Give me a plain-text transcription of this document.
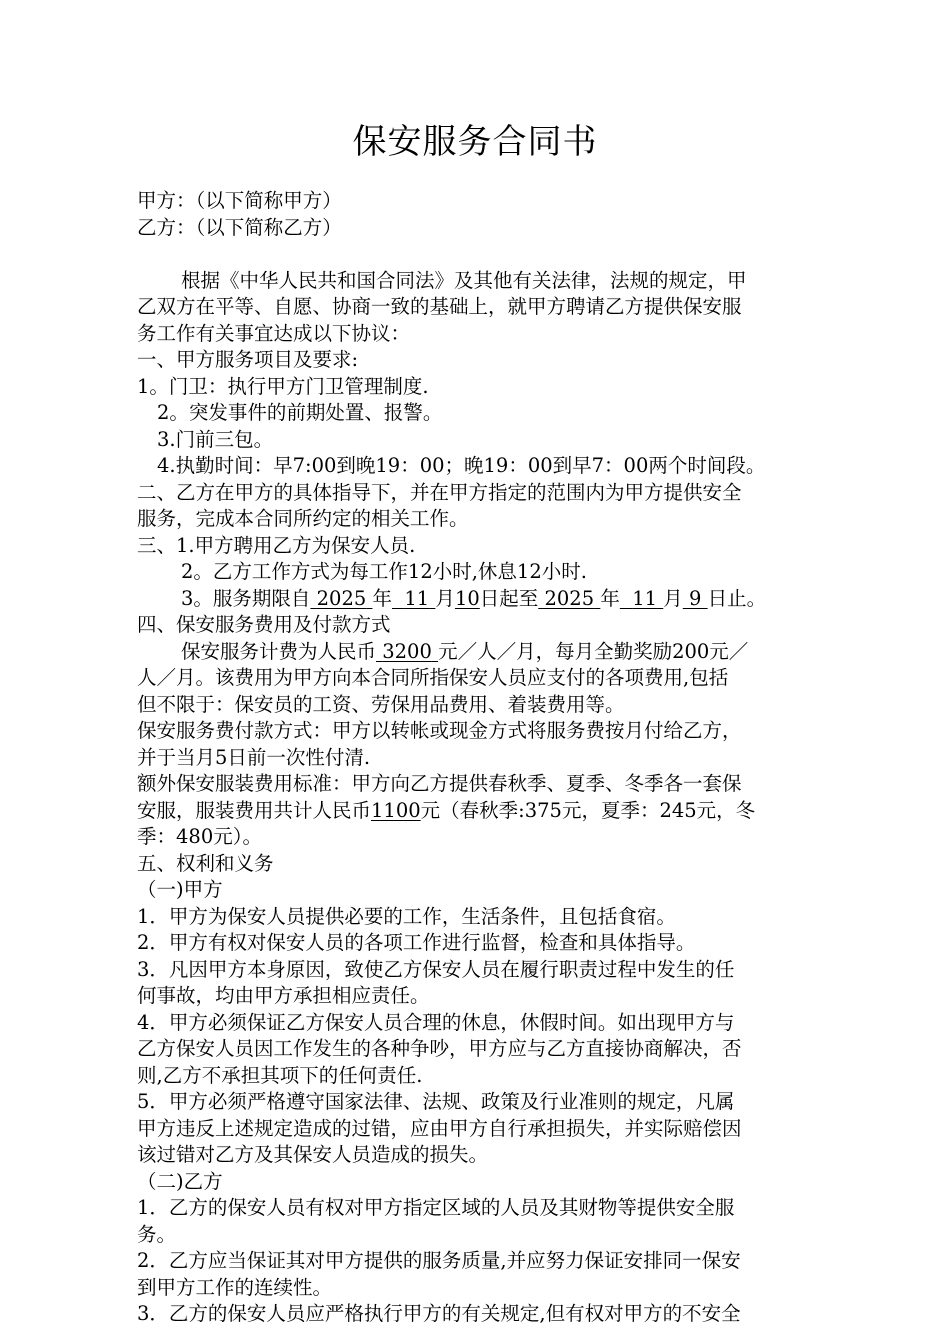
保安服务合同书
甲方：（以下简称甲方）
乙方：（以下简称乙方）
根据《中华人民共和国合同法》及其他有关法律，法规的规定，甲
乙双方在平等、自愿、协商一致的基础上，就甲方聘请乙方提供保安服
务工作有关事宜达成以下协议：
一、甲方服务项目及要求:
1。门卫：执行甲方门卫管理制度.
2。突发事件的前期处置、报警。
3.门前三包。
4.执勤时间：早7:00到晚19：00；晚19：00到早7：00两个时间段。
二、乙方在甲方的具体指导下，并在甲方指定的范围内为甲方提供安全
服务，完成本合同所约定的相关工作。
三、1.甲方聘用乙方为保安人员.
2。乙方工作方式为每工作12小时,休息12小时.
3。服务期限自 2025 年 11 月10日起至 2025 年 11 月 9 日止。
四、保安服务费用及付款方式
保安服务计费为人民币 3200 元／人／月，每月全勤奖励200元／
人／月。该费用为甲方向本合同所指保安人员应支付的各项费用,包括
但不限于：保安员的工资、劳保用品费用、着装费用等。
保安服务费付款方式：甲方以转帐或现金方式将服务费按月付给乙方，
并于当月5日前一次性付清.
额外保安服装费用标准：甲方向乙方提供春秋季、夏季、冬季各一套保
安服，服装费用共计人民币1100元（春秋季:375元，夏季：245元，冬
季：480元）。
五、权利和义务
（一)甲方
1．甲方为保安人员提供必要的工作，生活条件，且包括食宿。
2．甲方有权对保安人员的各项工作进行监督，检查和具体指导。
3．凡因甲方本身原因，致使乙方保安人员在履行职责过程中发生的任
何事故，均由甲方承担相应责任。
4．甲方必须保证乙方保安人员合理的休息，休假时间。如出现甲方与
乙方保安人员因工作发生的各种争吵，甲方应与乙方直接协商解决，否
则,乙方不承担其项下的任何责任.
5．甲方必须严格遵守国家法律、法规、政策及行业准则的规定，凡属
甲方违反上述规定造成的过错，应由甲方自行承担损失，并实际赔偿因
该过错对乙方及其保安人员造成的损失。
（二)乙方
1．乙方的保安人员有权对甲方指定区域的人员及其财物等提供安全服
务。
2．乙方应当保证其对甲方提供的服务质量,并应努力保证安排同一保安
到甲方工作的连续性。
3．乙方的保安人员应严格执行甲方的有关规定,但有权对甲方的不安全
